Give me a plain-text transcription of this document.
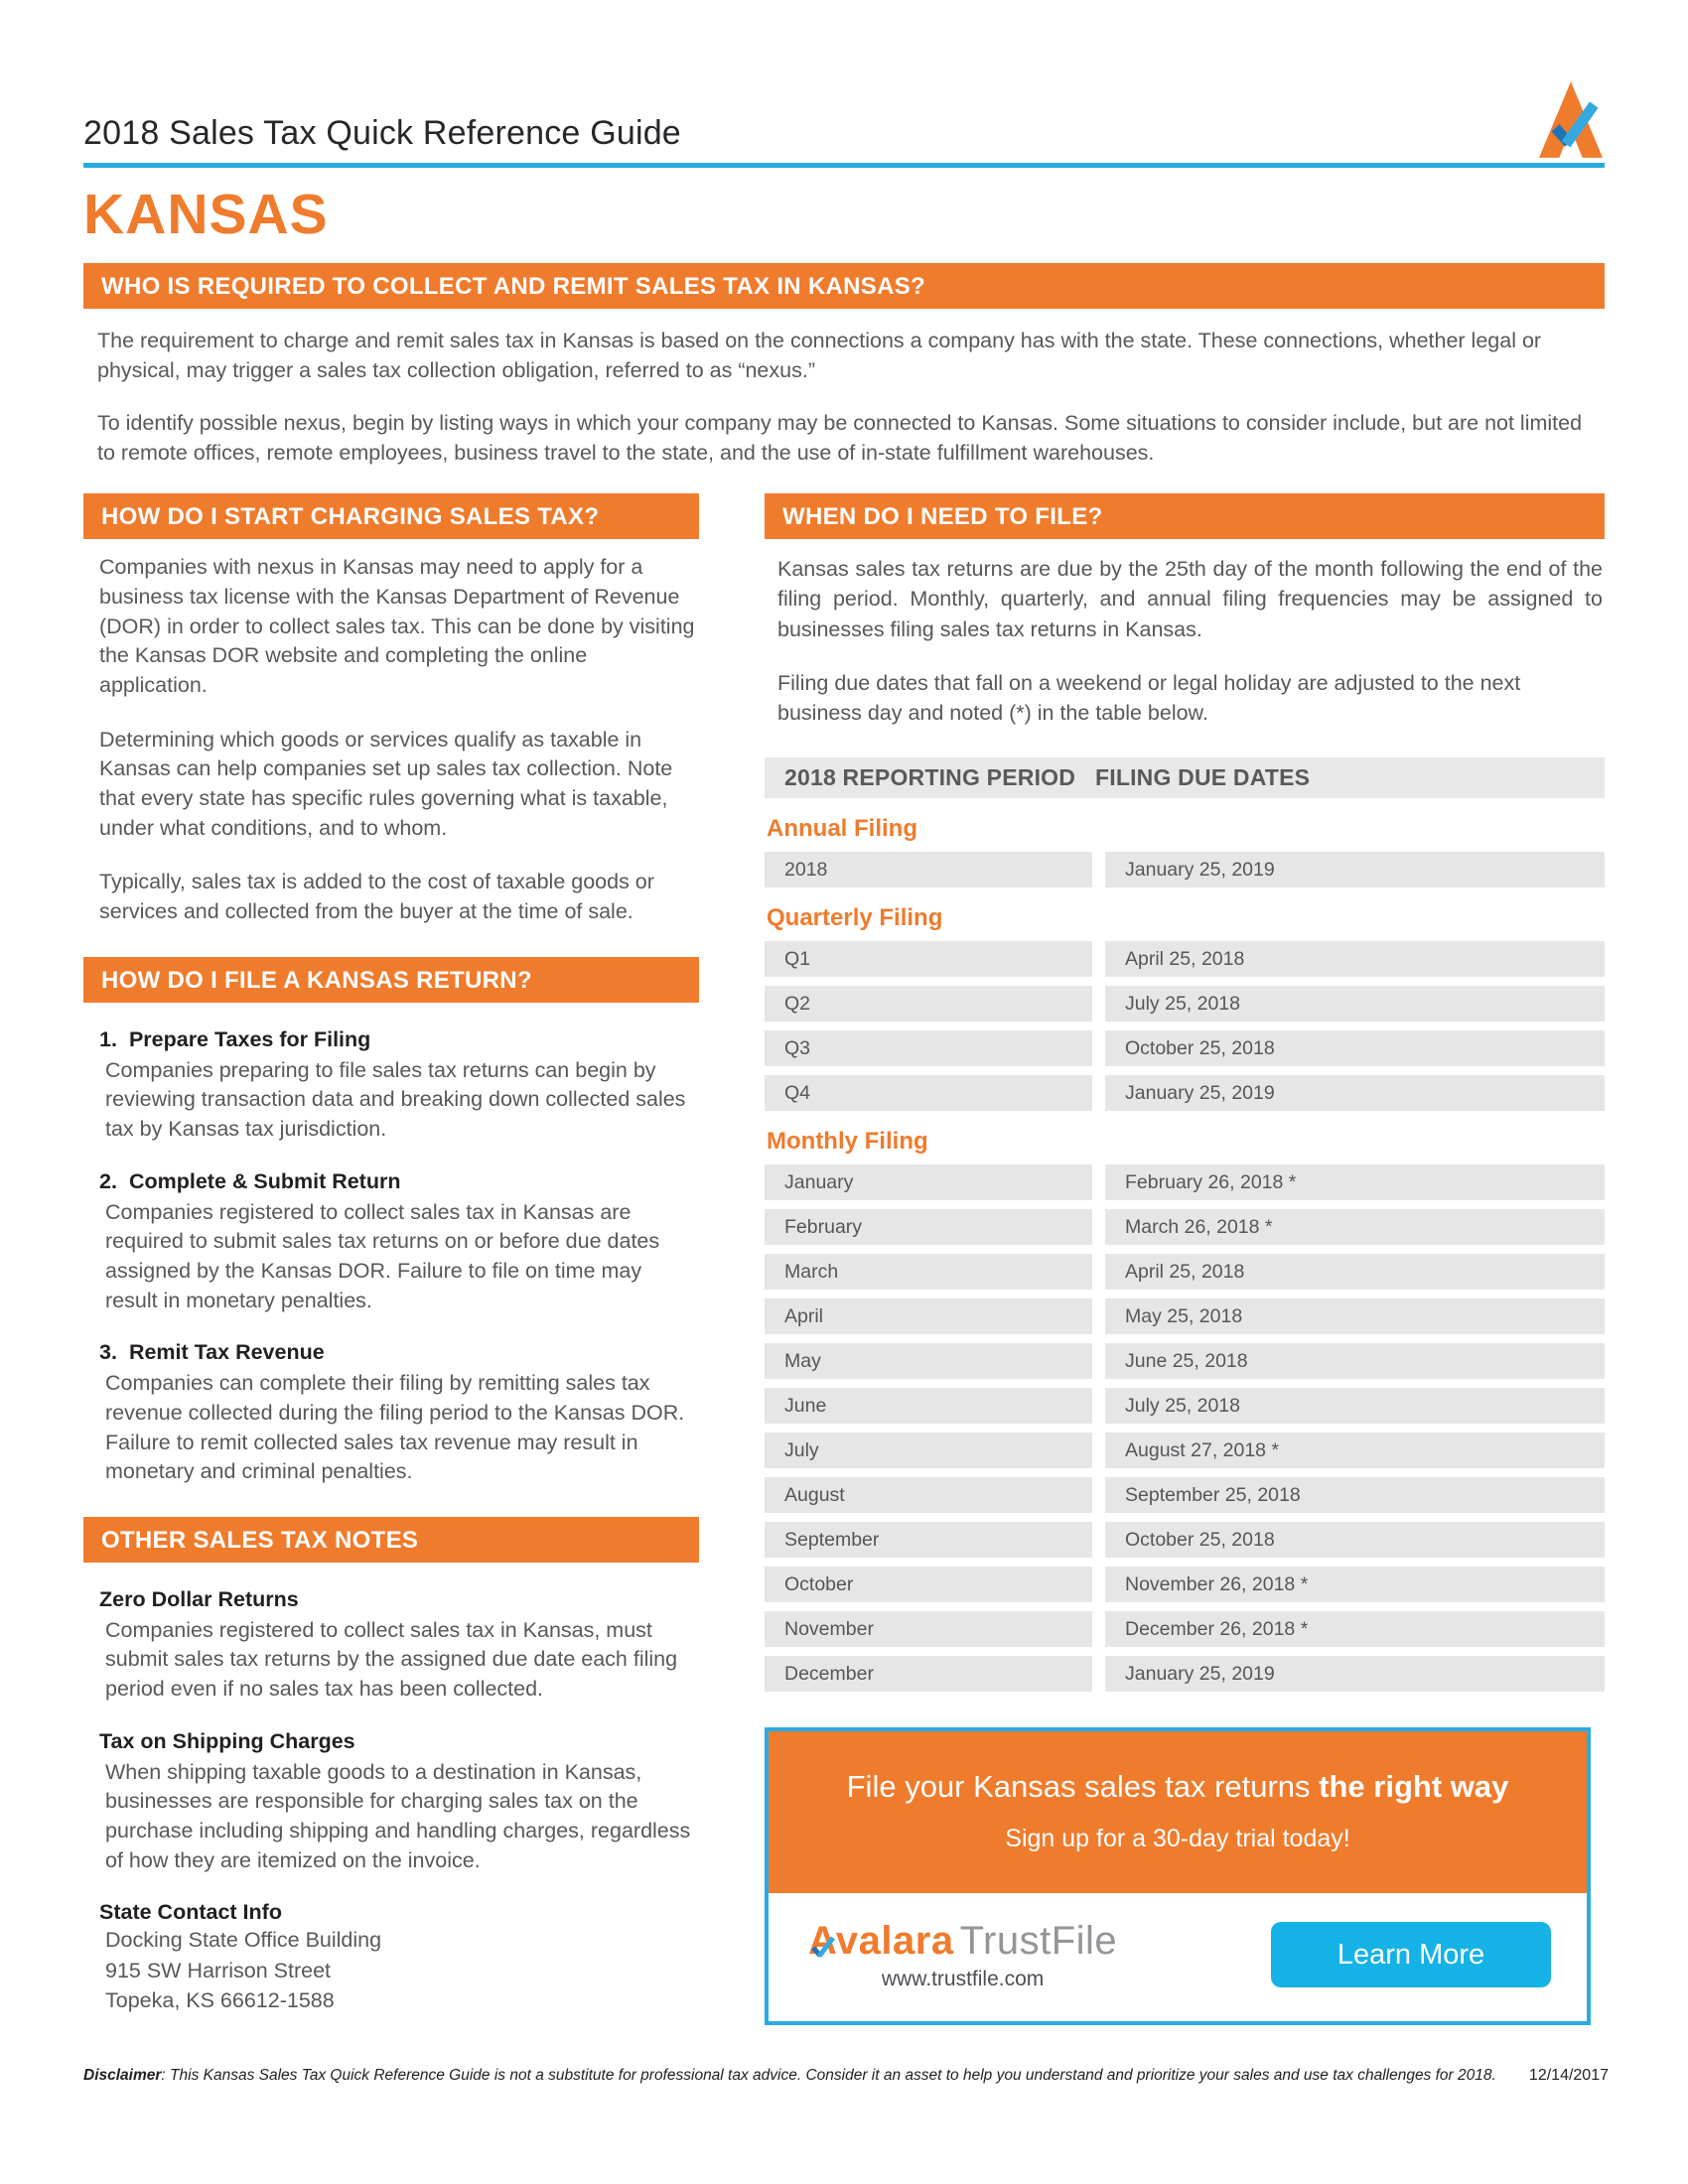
2018 Sales Tax Quick Reference Guide
KANSAS
WHO IS REQUIRED TO COLLECT AND REMIT SALES TAX IN KANSAS?

The requirement to charge and remit sales tax in Kansas is based on the connections a company has with the state. These connections, whether legal or physical, may trigger a sales tax collection obligation, referred to as “nexus.”

To identify possible nexus, begin by listing ways in which your company may be connected to Kansas. Some situations to consider include, but are not limited to remote offices, remote employees, business travel to the state, and the use of in-state fulfillment warehouses.

HOW DO I START CHARGING SALES TAX?

Companies with nexus in Kansas may need to apply for a business tax license with the Kansas Department of Revenue (DOR) in order to collect sales tax. This can be done by visiting the Kansas DOR website and completing the online application.

Determining which goods or services qualify as taxable in Kansas can help companies set up sales tax collection. Note that every state has specific rules governing what is taxable, under what conditions, and to whom.

Typically, sales tax is added to the cost of taxable goods or services and collected from the buyer at the time of sale.

HOW DO I FILE A KANSAS RETURN?
1. Prepare Taxes for Filing

Companies preparing to file sales tax returns can begin by reviewing transaction data and breaking down collected sales tax by Kansas tax jurisdiction.

2. Complete & Submit Return

Companies registered to collect sales tax in Kansas are required to submit sales tax returns on or before due dates assigned by the Kansas DOR. Failure to file on time may result in monetary penalties.

3. Remit Tax Revenue

Companies can complete their filing by remitting sales tax revenue collected during the filing period to the Kansas DOR. Failure to remit collected sales tax revenue may result in monetary and criminal penalties.

OTHER SALES TAX NOTES
Zero Dollar Returns

Companies registered to collect sales tax in Kansas, must submit sales tax returns by the assigned due date each filing period even if no sales tax has been collected.

Tax on Shipping Charges

When shipping taxable goods to a destination in Kansas, businesses are responsible for charging sales tax on the purchase including shipping and handling charges, regardless of how they are itemized on the invoice.

State Contact Info
Docking State Office Building
915 SW Harrison Street
Topeka, KS 66612-1588
WHEN DO I NEED TO FILE?

Kansas sales tax returns are due by the 25th day of the month following the end of the filing period. Monthly, quarterly, and annual filing frequencies may be assigned to businesses filing sales tax returns in Kansas.

Filing due dates that fall on a weekend or legal holiday are adjusted to the next business day and noted (*) in the table below.

2018 REPORTING PERIOD FILING DUE DATES
Annual Filing
2018	January 25, 2019
Quarterly Filing
Q1	April 25, 2018
Q2	July 25, 2018
Q3	October 25, 2018
Q4	January 25, 2019
Monthly Filing
January	February 26, 2018 *
February	March 26, 2018 *
March	April 25, 2018
April	May 25, 2018
May	June 25, 2018
June	July 25, 2018
July	August 27, 2018 *
August	September 25, 2018
September	October 25, 2018
October	November 26, 2018 *
November	December 26, 2018 *
December	January 25, 2019
File your Kansas sales tax returns the right way
Sign up for a 30-day trial today!
Avalara TrustFile
www.trustfile.com
Learn More
Disclaimer: This Kansas Sales Tax Quick Reference Guide is not a substitute for professional tax advice. Consider it an asset to help you understand and prioritize your sales and use tax challenges for 2018. 12/14/2017
